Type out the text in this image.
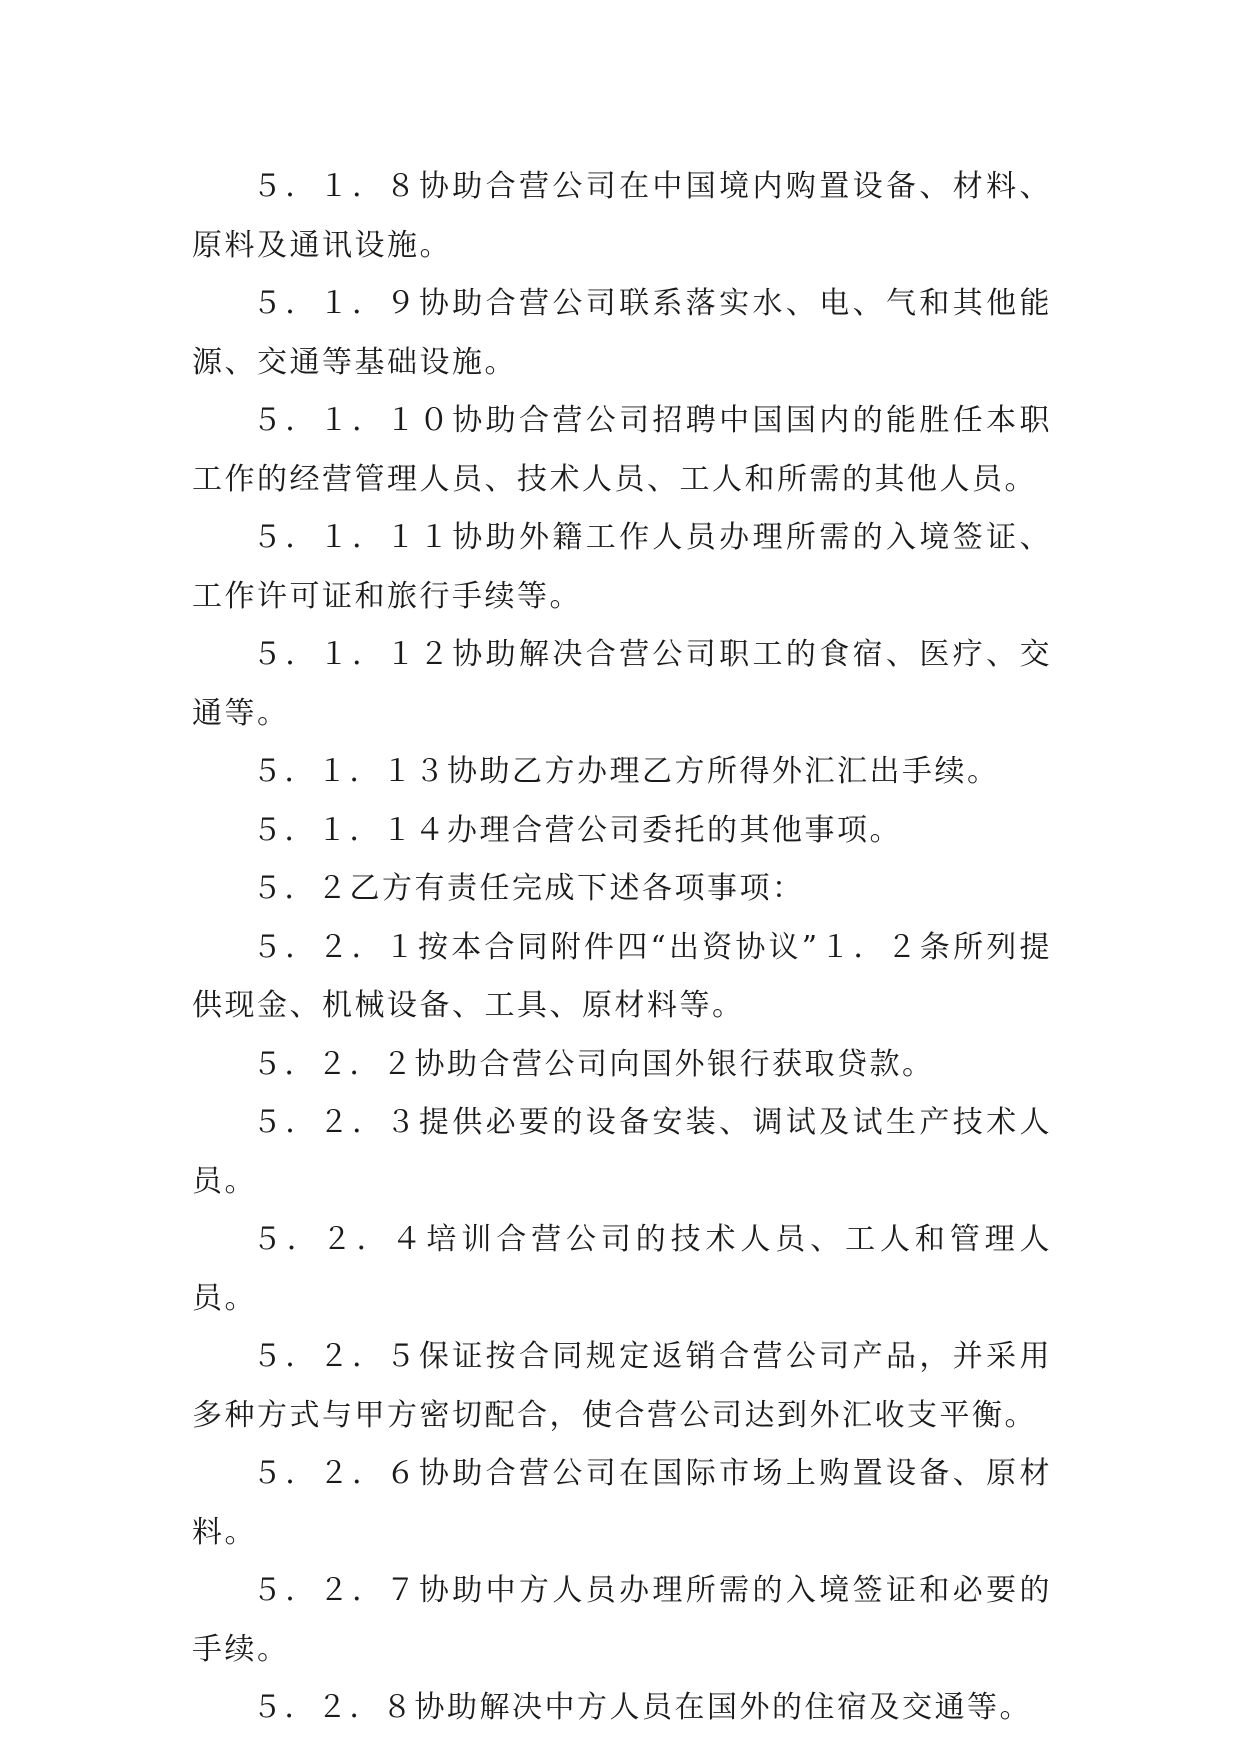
５．１．８协助合营公司在中国境内购置设备、材料、原料及通讯设施。

５．１．９协助合营公司联系落实水、电、气和其他能源、交通等基础设施。

５．１．１０协助合营公司招聘中国国内的能胜任本职工作的经营管理人员、技术人员、工人和所需的其他人员。

５．１．１１协助外籍工作人员办理所需的入境签证、工作许可证和旅行手续等。

５．１．１２协助解决合营公司职工的食宿、医疗、交通等。

５．１．１３协助乙方办理乙方所得外汇汇出手续。

５．１．１４办理合营公司委托的其他事项。

５．２乙方有责任完成下述各项事项：

５．２．１按本合同附件四“出资协议”１．２条所列提供现金、机械设备、工具、原材料等。

５．２．２协助合营公司向国外银行获取贷款。

５．２．３提供必要的设备安装、调试及试生产技术人员。

５．２．４培训合营公司的技术人员、工人和管理人员。

５．２．５保证按合同规定返销合营公司产品，并采用多种方式与甲方密切配合，使合营公司达到外汇收支平衡。

５．２．６协助合营公司在国际市场上购置设备、原材料。

５．２．７协助中方人员办理所需的入境签证和必要的手续。

５．２．８协助解决中方人员在国外的住宿及交通等。
